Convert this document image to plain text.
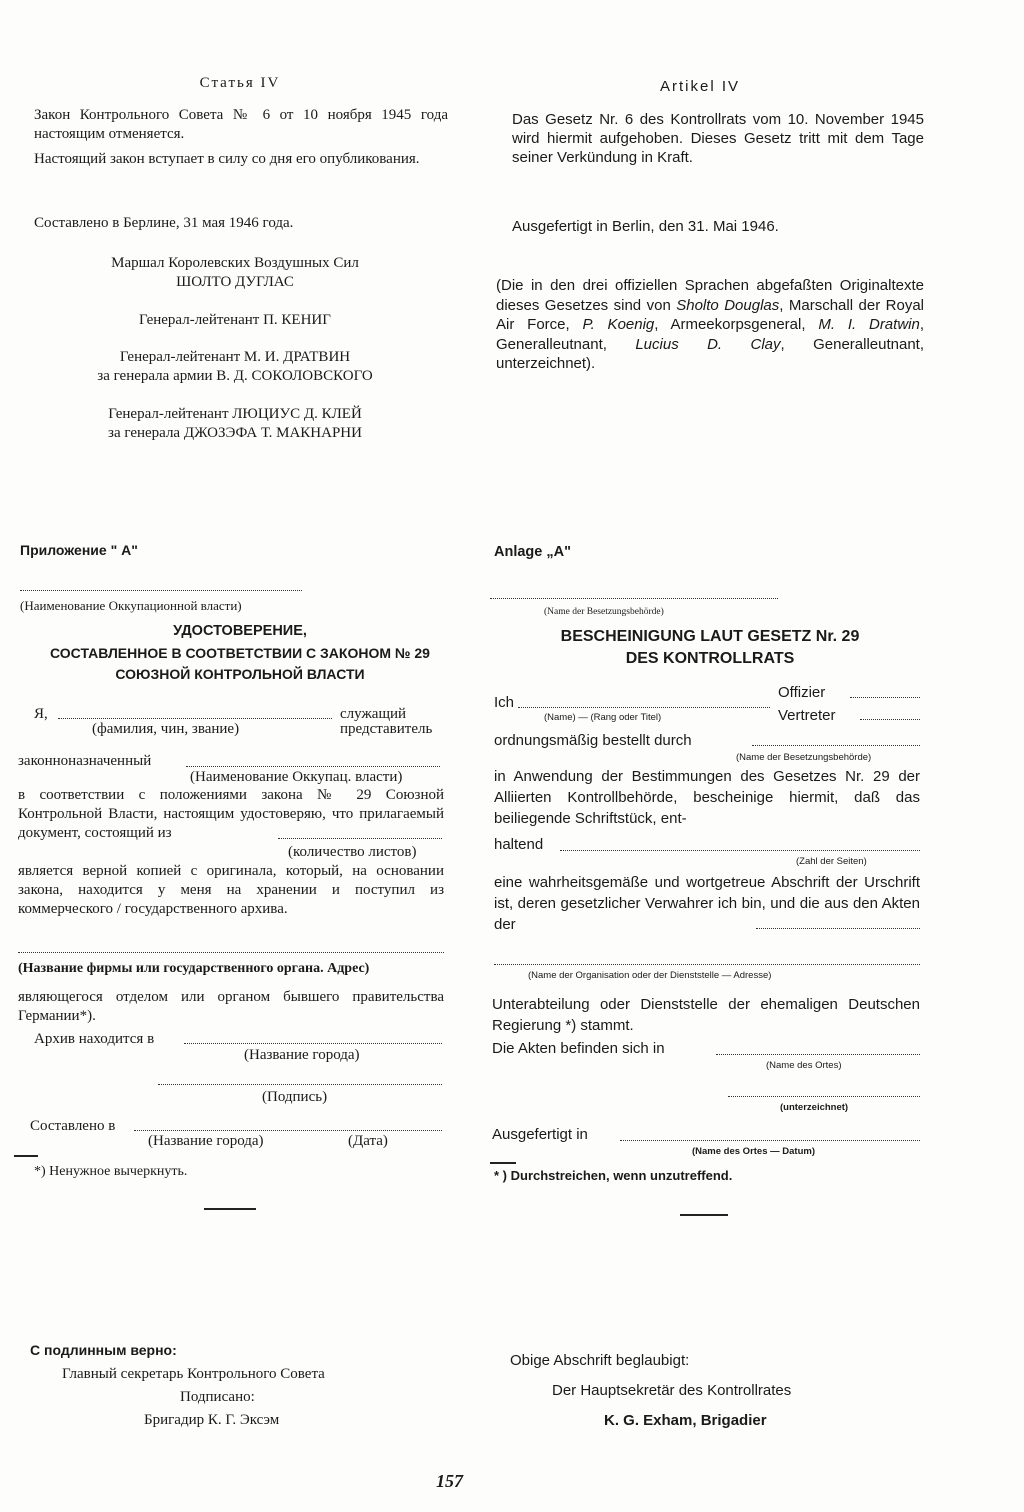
Статья IV
Закон Контрольного Совета № 6 от 10 ноября 1945 года настоящим отменяется.
Настоящий закон вступает в силу со дня его опубликования.
Составлено в Берлине, 31 мая 1946 года.
Маршал Королевских Воздушных Сил
ШОЛТО ДУГЛАС
Генерал-лейтенант П. КЕНИГ
Генерал-лейтенант М. И. ДРАТВИН
за генерала армии В. Д. СОКОЛОВСКОГО
Генерал-лейтенант ЛЮЦИУС Д. КЛЕЙ
за генерала ДЖОЗЭФА Т. МАКНАРНИ
Приложение " А"
(Наименование Оккупационной власти)
УДОСТОВЕРЕНИЕ,
СОСТАВЛЕННОЕ В СООТВЕТСТВИИ С ЗАКОНОМ № 29
СОЮЗНОЙ КОНТРОЛЬНОЙ ВЛАСТИ
Я,	служащий
(фамилия, чин, звание)	представитель
законноназначенный
(Наименование Оккупац. власти)
в соответствии с положениями закона № 29 Союзной Контрольной Власти, настоящим удостоверяю, что прилагаемый документ, состоящий из
(количество листов)
является верной копией с оригинала, который, на основании закона, находится у меня на хранении и поступил из коммерческого / государственного архива.
(Название фирмы или государственного органа. Адрес)
являющегося отделом или органом бывшего правительства Германии*).
Архив находится в
(Название города)
(Подпись)
Составлено в
(Название города)	(Дата)
*) Ненужное вычеркнуть.
С подлинным верно:
Главный секретарь Контрольного Совета
Подписано:
Бригадир К. Г. Эксэм
Artikel IV
Das Gesetz Nr. 6 des Kontrollrats vom 10. November 1945 wird hiermit aufgehoben. Dieses Gesetz tritt mit dem Tage seiner Verkündung in Kraft.
Ausgefertigt in Berlin, den 31. Mai 1946.
(Die in den drei offiziellen Sprachen abgefaßten Originaltexte dieses Gesetzes sind von Sholto Douglas, Marschall der Royal Air Force, P. Koenig, Armeekorpsgeneral, M. I. Dratwin, Generalleutnant, Lucius D. Clay, Generalleutnant, unterzeichnet).
Anlage „A"
(Name der Besetzungsbehörde)
BESCHEINIGUNG LAUT GESETZ Nr. 29
DES KONTROLLRATS
Ich
Offizier
(Name) — (Rang oder Titel)	Vertreter
ordnungsmäßig bestellt durch
(Name der Besetzungsbehörde)
in Anwendung der Bestimmungen des Gesetzes Nr. 29 der Alliierten Kontrollbehörde, bescheinige hiermit, daß das beiliegende Schriftstück, ent-
haltend
(Zahl der Seiten)
eine wahrheitsgemäße und wortgetreue Abschrift der Urschrift ist, deren gesetzlicher Verwahrer ich bin, und die aus den Akten der
(Name der Organisation oder der Dienststelle — Adresse)
Unterabteilung oder Dienststelle der ehemaligen Deutschen Regierung *) stammt.
Die Akten befinden sich in
(Name des Ortes)
(unterzeichnet)
Ausgefertigt in
(Name des Ortes — Datum)
* ) Durchstreichen, wenn unzutreffend.
Obige Abschrift beglaubigt:
Der Hauptsekretär des Kontrollrates
K. G. Exham, Brigadier
157
